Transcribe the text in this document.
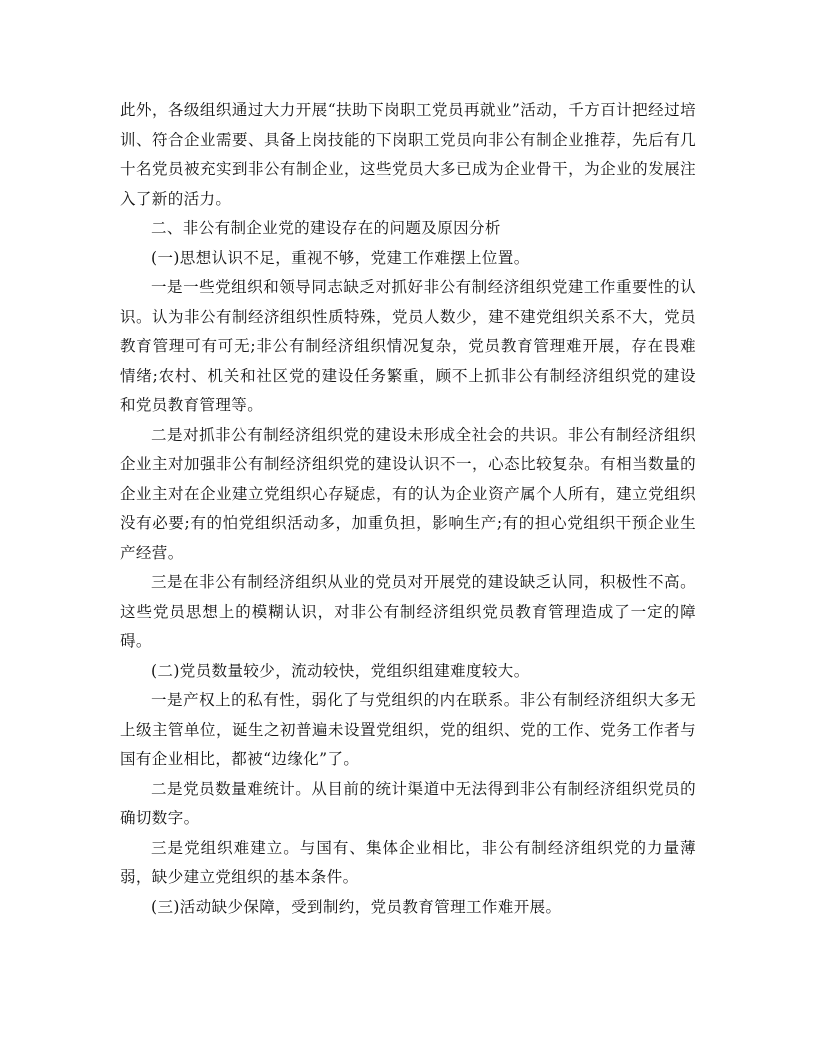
此外，各级组织通过大力开展“扶助下岗职工党员再就业”活动，千方百计把经过培训、符合企业需要、具备上岗技能的下岗职工党员向非公有制企业推荐，先后有几十名党员被充实到非公有制企业，这些党员大多已成为企业骨干，为企业的发展注入了新的活力。

二、非公有制企业党的建设存在的问题及原因分析

(一)思想认识不足，重视不够，党建工作难摆上位置。

一是一些党组织和领导同志缺乏对抓好非公有制经济组织党建工作重要性的认识。认为非公有制经济组织性质特殊，党员人数少，建不建党组织关系不大，党员教育管理可有可无;非公有制经济组织情况复杂，党员教育管理难开展，存在畏难情绪;农村、机关和社区党的建设任务繁重，顾不上抓非公有制经济组织党的建设和党员教育管理等。

二是对抓非公有制经济组织党的建设未形成全社会的共识。非公有制经济组织企业主对加强非公有制经济组织党的建设认识不一，心态比较复杂。有相当数量的企业主对在企业建立党组织心存疑虑，有的认为企业资产属个人所有，建立党组织没有必要;有的怕党组织活动多，加重负担，影响生产;有的担心党组织干预企业生产经营。

三是在非公有制经济组织从业的党员对开展党的建设缺乏认同，积极性不高。这些党员思想上的模糊认识，对非公有制经济组织党员教育管理造成了一定的障碍。

(二)党员数量较少，流动较快，党组织组建难度较大。

一是产权上的私有性，弱化了与党组织的内在联系。非公有制经济组织大多无上级主管单位，诞生之初普遍未设置党组织，党的组织、党的工作、党务工作者与国有企业相比，都被“边缘化”了。

二是党员数量难统计。从目前的统计渠道中无法得到非公有制经济组织党员的确切数字。

三是党组织难建立。与国有、集体企业相比，非公有制经济组织党的力量薄弱，缺少建立党组织的基本条件。

(三)活动缺少保障，受到制约，党员教育管理工作难开展。
